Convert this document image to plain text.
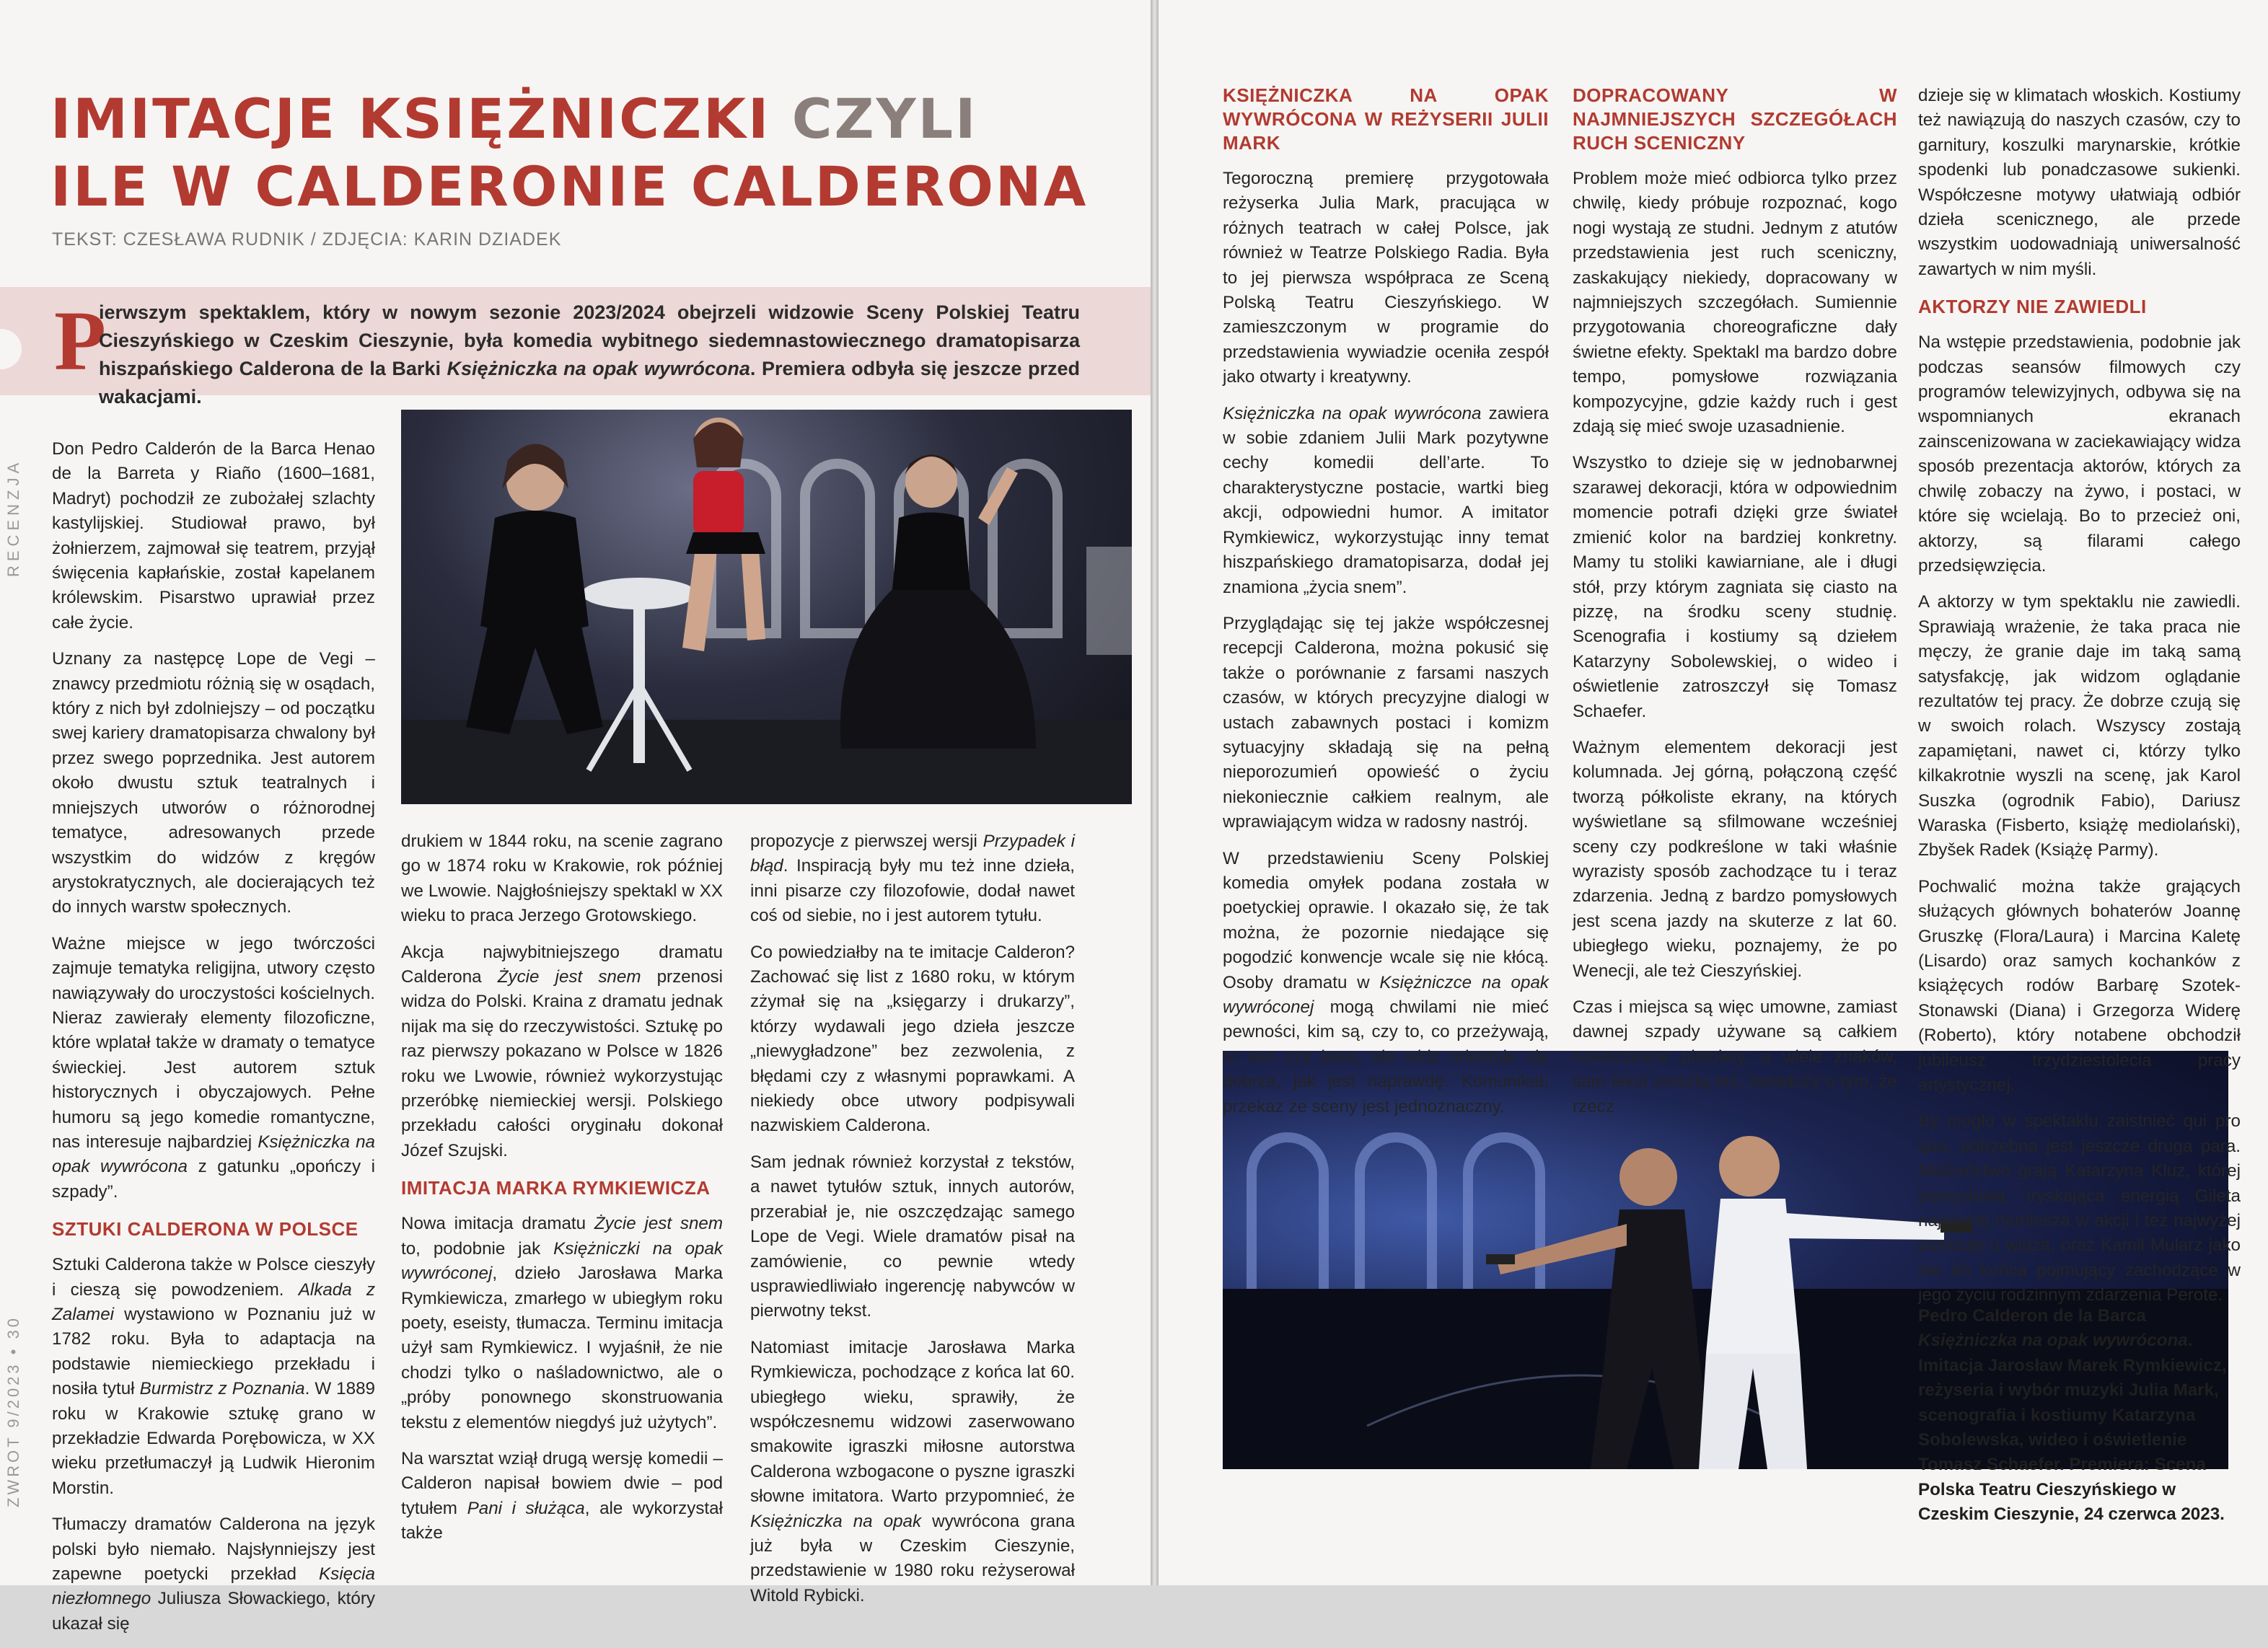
IMITACJE KSIĘŻNICZKI CZYLI
ILE W CALDERONIE CALDERONA
TEKST: CZESŁAWA RUDNIK / ZDJĘCIA: KARIN DZIADEK
P
ierwszym spektaklem, który w nowym sezonie 2023/2024 obejrzeli widzowie Sceny Polskiej Teatru Cieszyńskiego w Czeskim Cieszynie, była komedia wybitnego siedemnastowiecznego dramatopisarza hiszpańskiego Calderona de la Barki Księżniczka na opak wywrócona. Premiera odbyła się jeszcze przed wakacjami.
RECENZJA
ZWROT 9/2023 • 30

Don Pedro Calderón de la Barca Henao de la Barreta y Riaño (1600–1681, Madryt) pochodził ze zubożałej szlachty kastylijskiej. Studiował prawo, był żołnierzem, zajmował się teatrem, przyjął święcenia kapłańskie, został kapelanem królewskim. Pisarstwo uprawiał przez całe życie.

Uznany za następcę Lope de Vegi – znawcy przedmiotu różnią się w osądach, który z nich był zdolniejszy – od początku swej kariery dramatopisarza chwalony był przez swego poprzednika. Jest autorem około dwustu sztuk teatralnych i mniejszych utworów o różnorodnej tematyce, adresowanych przede wszystkim do widzów z kręgów arystokratycznych, ale docierających też do innych warstw społecznych.

Ważne miejsce w jego twórczości zajmuje tematyka religijna, utwory często nawiązywały do uroczystości kościelnych. Nieraz zawierały elementy filozoficzne, które wplatał także w dramaty o tematyce świeckiej. Jest autorem sztuk historycznych i obyczajowych. Pełne humoru są jego komedie romantyczne, nas interesuje najbardziej Księżniczka na opak wywrócona z gatunku „opończy i szpady”.

SZTUKI CALDERONA W POLSCE

Sztuki Calderona także w Polsce cieszyły i cieszą się powodzeniem. Alkada z Zalamei wystawiono w Poznaniu już w 1782 roku. Była to adaptacja na podstawie niemieckiego przekładu i nosiła tytuł Burmistrz z Poznania. W 1889 roku w Krakowie sztukę grano w przekładzie Edwarda Porębowicza, w XX wieku przetłumaczył ją Ludwik Hieronim Morstin.

Tłumaczy dramatów Calderona na język polski było niemało. Najsłynniejszy jest zapewne poetycki przekład Księcia niezłomnego Juliusza Słowackiego, który ukazał się

drukiem w 1844 roku, na scenie zagrano go w 1874 roku w Krakowie, rok później we Lwowie. Najgłośniejszy spektakl w XX wieku to praca Jerzego Grotowskiego.

Akcja najwybitniejszego dramatu Calderona Życie jest snem przenosi widza do Polski. Kraina z dramatu jednak nijak ma się do rzeczywistości. Sztukę po raz pierwszy pokazano w Polsce w 1826 roku we Lwowie, również wykorzystując przeróbkę niemieckiej wersji. Polskiego przekładu całości oryginału dokonał Józef Szujski.

IMITACJA MARKA RYMKIEWICZA

Nowa imitacja dramatu Życie jest snem to, podobnie jak Księżniczki na opak wywróconej, dzieło Jarosława Marka Rymkiewicza, zmarłego w ubiegłym roku poety, eseisty, tłumacza. Terminu imitacja użył sam Rymkiewicz. I wyjaśnił, że nie chodzi tylko o naśladownictwo, ale o „próby ponownego skonstruowania tekstu z elementów niegdyś już użytych”.

Na warsztat wziął drugą wersję komedii – Calderon napisał bowiem dwie – pod tytułem Pani i służąca, ale wykorzystał także

propozycje z pierwszej wersji Przypadek i błąd. Inspiracją były mu też inne dzieła, inni pisarze czy filozofowie, dodał nawet coś od siebie, no i jest autorem tytułu.

Co powiedziałby na te imitacje Calderon? Zachować się list z 1680 roku, w którym zżymał się na „księgarzy i drukarzy”, którzy wydawali jego dzieła jeszcze „niewygładzone” bez zezwolenia, z błędami czy z własnymi poprawkami. A niekiedy obce utwory podpisywali nazwiskiem Calderona.

Sam jednak również korzystał z tekstów, a nawet tytułów sztuk, innych autorów, przerabiał je, nie oszczędzając samego Lope de Vegi. Wiele dramatów pisał na zamówienie, co pewnie wtedy usprawiedliwiało ingerencję nabywców w pierwotny tekst.

Natomiast imitacje Jarosława Marka Rymkiewicza, pochodzące z końca lat 60. ubiegłego wieku, sprawiły, że współczesnemu widzowi zaserwowano smakowite igraszki miłosne autorstwa Calderona wzbogacone o pyszne igraszki słowne imitatora. Warto przypomnieć, że Księżniczka na opak wywrócona grana już była w Czeskim Cieszynie, przedstawienie w 1980 roku reżyserował Witold Rybicki.

KSIĘŻNICZKA NA OPAK WYWRÓCONA W REŻYSERII JULII MARK

Tegoroczną premierę przygotowała reżyserka Julia Mark, pracująca w różnych teatrach w całej Polsce, jak również w Teatrze Polskiego Radia. Była to jej pierwsza współpraca ze Sceną Polską Teatru Cieszyńskiego. W zamieszczonym w programie do przedstawienia wywiadzie oceniła zespół jako otwarty i kreatywny.

Księżniczka na opak wywrócona zawiera w sobie zdaniem Julii Mark pozytywne cechy komedii dell’arte. To charakterystyczne postacie, wartki bieg akcji, odpowiedni humor. A imitator Rymkiewicz, wykorzystując inny temat hiszpańskiego dramatopisarza, dodał jej znamiona „życia snem”.

Przyglądając się tej jakże współczesnej recepcji Calderona, można pokusić się także o porównanie z farsami naszych czasów, w których precyzyjne dialogi w ustach zabawnych postaci i komizm sytuacyjny składają się na pełną nieporozumień opowieść o życiu niekoniecznie całkiem realnym, ale wprawiającym widza w radosny nastrój.

W przedstawieniu Sceny Polskiej komedia omyłek podana została w poetyckiej oprawie. I okazało się, że tak można, że pozornie niedające się pogodzić konwencje wcale się nie kłócą. Osoby dramatu w Księżniczce na opak wywróconej mogą chwilami nie mieć pewności, kim są, czy to, co przeżywają, to sen czy jawa, ale widz orientuje się dobrze, jak jest naprawdę. Komunikat, przekaz ze sceny jest jednoznaczny.

DOPRACOWANY W NAJMNIEJSZYCH SZCZEGÓŁACH RUCH SCENICZNY

Problem może mieć odbiorca tylko przez chwilę, kiedy próbuje rozpoznać, kogo nogi wystają ze studni. Jednym z atutów przedstawienia jest ruch sceniczny, zaskakujący niekiedy, dopracowany w najmniejszych szczegółach. Sumiennie przygotowania choreograficzne dały świetne efekty. Spektakl ma bardzo dobre tempo, pomysłowe rozwiązania kompozycyjne, gdzie każdy ruch i gest zdają się mieć swoje uzasadnienie.

Wszystko to dzieje się w jednobarwnej szarawej dekoracji, która w odpowiednim momencie potrafi dzięki grze świateł zmienić kolor na bardziej konkretny. Mamy tu stoliki kawiarniane, ale i długi stół, przy którym zagniata się ciasto na pizzę, na środku sceny studnię. Scenografia i kostiumy są dziełem Katarzyny Sobolewskiej, o wideo i oświetlenie zatroszczył się Tomasz Schaefer.

Ważnym elementem dekoracji jest kolumnada. Jej górną, połączoną część tworzą półkoliste ekrany, na których wyświetlane są sfilmowane wcześniej sceny czy podkreślone w taki właśnie wyrazisty sposób zachodzące tu i teraz zdarzenia. Jedną z bardzo pomysłowych jest scena jazdy na skuterze z lat 60. ubiegłego wieku, poznajemy, że po Wenecji, ale też Cieszyńskiej.

Czas i miejsca są więc umowne, zamiast dawnej szpady używane są całkiem nowoczesne pistolety, a wiele znaków, sam tekst zresztą też, świadczy o tym, że rzecz

dzieje się w klimatach włoskich. Kostiumy też nawiązują do naszych czasów, czy to garnitury, koszulki marynarskie, krótkie spodenki lub ponadczasowe sukienki. Współczesne motywy ułatwiają odbiór dzieła scenicznego, ale przede wszystkim uodowadniają uniwersalność zawartych w nim myśli.

AKTORZY NIE ZAWIEDLI

Na wstępie przedstawienia, podobnie jak podczas seansów filmowych czy programów telewizyjnych, odbywa się na wspomnianych ekranach zainscenizowana w zaciekawiający widza sposób prezentacja aktorów, których za chwilę zobaczy na żywo, i postaci, w które się wcielają. Bo to przecież oni, aktorzy, są filarami całego przedsięwzięcia.

A aktorzy w tym spektaklu nie zawiedli. Sprawiają wrażenie, że taka praca nie męczy, że granie daje im taką samą satysfakcję, jak widzom oglądanie rezultatów tej pracy. Że dobrze czują się w swoich rolach. Wszyscy zostają zapamiętani, nawet ci, którzy tylko kilkakrotnie wyszli na scenę, jak Karol Suszka (ogrodnik Fabio), Dariusz Waraska (Fisberto, książę mediolański), Zbyšek Radek (Książę Parmy).

Pochwalić można także grających służących głównych bohaterów Joannę Gruszkę (Flora/Laura) i Marcina Kaletę (Lisardo) oraz samych kochanków z książęcych rodów Barbarę Szotek-Stonawski (Diana) i Grzegorza Widerę (Roberto), który notabene obchodził jubileusz trzydziestolecia pracy artystycznej.

By mogło w spektaklu zaistnieć qui pro quo, potrzebna jest jeszcze druga para. Małżeństwo grają Katarzyna Kluz, której pomysłowa, tryskająca energią Gileta najwięcej namiesza w akcji i też najwyżej punktuje u widza, oraz Kamil Mularz jako nie do końca pojmujący zachodzące w jego życiu rodzinnym zdarzenia Perote.

Pedro Calderon de la Barca Księżniczka na opak wywrócona. Imitacja Jarosław Marek Rymkiewicz, reżyseria i wybór muzyki Julia Mark, scenografia i kostiumy Katarzyna Sobolewska, wideo i oświetlenie Tomasz Schaefer. Premiera: Scena Polska Teatru Cieszyńskiego w Czeskim Cieszynie, 24 czerwca 2023.
